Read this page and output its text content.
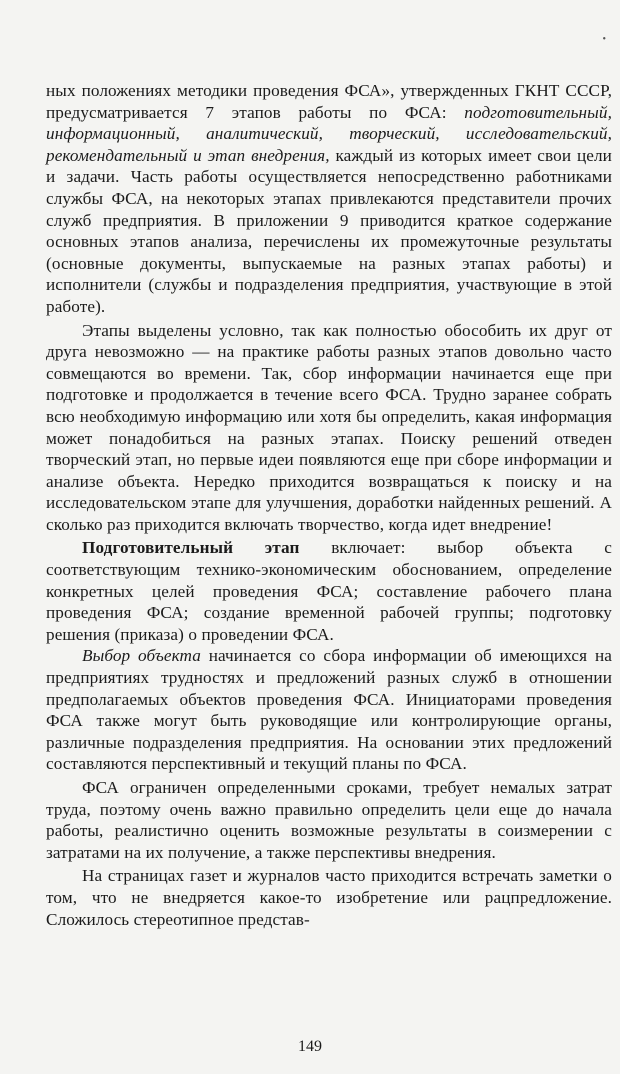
•

ных положениях методики проведения ФСА», утвержденных ГКНТ СССР, предусматривается 7 этапов работы по ФСА: подготовительный, информационный, аналитический, творческий, исследовательский, рекомендательный и этап внедрения, каждый из которых имеет свои цели и задачи. Часть работы осуществляется непосредственно работниками службы ФСА, на некоторых этапах привлекаются представители прочих служб предприятия. В приложении 9 приводится краткое содержание основных этапов анализа, перечислены их промежуточные результаты (основные документы, выпускаемые на разных этапах работы) и исполнители (службы и подразделения предприятия, участвующие в этой работе).

Этапы выделены условно, так как полностью обособить их друг от друга невозможно — на практике работы разных этапов довольно часто совмещаются во времени. Так, сбор информации начинается еще при подготовке и продолжается в течение всего ФСА. Трудно заранее собрать всю необходимую информацию или хотя бы определить, какая информация может понадобиться на разных этапах. Поиску решений отведен творческий этап, но первые идеи появляются еще при сборе информации и анализе объекта. Нередко приходится возвращаться к поиску и на исследовательском этапе для улучшения, доработки найденных решений. А сколько раз приходится включать творчество, когда идет внедрение!

Подготовительный этап включает: выбор объекта с соответствующим технико-экономическим обоснованием, определение конкретных целей проведения ФСА; составление рабочего плана проведения ФСА; создание временной рабочей группы; подготовку решения (приказа) о проведении ФСА.

Выбор объекта начинается со сбора информации об имеющихся на предприятиях трудностях и предложений разных служб в отношении предполагаемых объектов проведения ФСА. Инициаторами проведения ФСА также могут быть руководящие или контролирующие органы, различные подразделения предприятия. На основании этих предложений составляются перспективный и текущий планы по ФСА.

ФСА ограничен определенными сроками, требует немалых затрат труда, поэтому очень важно правильно определить цели еще до начала работы, реалистично оценить возможные результаты в соизмерении с затратами на их получение, а также перспективы внедрения.

На страницах газет и журналов часто приходится встречать заметки о том, что не внедряется какое-то изобретение или рацпредложение. Сложилось стереотипное представ-

149
